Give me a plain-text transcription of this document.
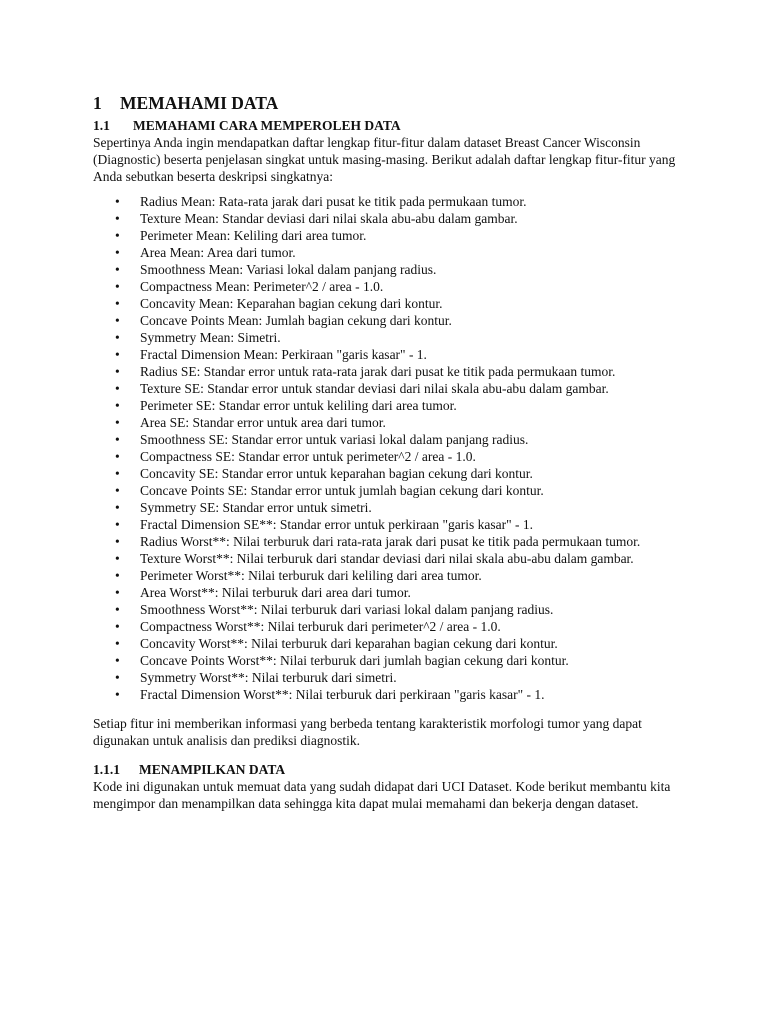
1	MEMAHAMI DATA
1.1	MEMAHAMI CARA MEMPEROLEH DATA

Sepertinya Anda ingin mendapatkan daftar lengkap fitur-fitur dalam dataset Breast Cancer Wisconsin (Diagnostic) beserta penjelasan singkat untuk masing-masing. Berikut adalah daftar lengkap fitur-fitur yang Anda sebutkan beserta deskripsi singkatnya:

• Radius Mean: Rata-rata jarak dari pusat ke titik pada permukaan tumor.
• Texture Mean: Standar deviasi dari nilai skala abu-abu dalam gambar.
• Perimeter Mean: Keliling dari area tumor.
• Area Mean: Area dari tumor.
• Smoothness Mean: Variasi lokal dalam panjang radius.
• Compactness Mean: Perimeter^2 / area - 1.0.
• Concavity Mean: Keparahan bagian cekung dari kontur.
• Concave Points Mean: Jumlah bagian cekung dari kontur.
• Symmetry Mean: Simetri.
• Fractal Dimension Mean: Perkiraan "garis kasar" - 1.
• Radius SE: Standar error untuk rata-rata jarak dari pusat ke titik pada permukaan tumor.
• Texture SE: Standar error untuk standar deviasi dari nilai skala abu-abu dalam gambar.
• Perimeter SE: Standar error untuk keliling dari area tumor.
• Area SE: Standar error untuk area dari tumor.
• Smoothness SE: Standar error untuk variasi lokal dalam panjang radius.
• Compactness SE: Standar error untuk perimeter^2 / area - 1.0.
• Concavity SE: Standar error untuk keparahan bagian cekung dari kontur.
• Concave Points SE: Standar error untuk jumlah bagian cekung dari kontur.
• Symmetry SE: Standar error untuk simetri.
• Fractal Dimension SE**: Standar error untuk perkiraan "garis kasar" - 1.
• Radius Worst**: Nilai terburuk dari rata-rata jarak dari pusat ke titik pada permukaan tumor.
• Texture Worst**: Nilai terburuk dari standar deviasi dari nilai skala abu-abu dalam gambar.
• Perimeter Worst**: Nilai terburuk dari keliling dari area tumor.
• Area Worst**: Nilai terburuk dari area dari tumor.
• Smoothness Worst**: Nilai terburuk dari variasi lokal dalam panjang radius.
• Compactness Worst**: Nilai terburuk dari perimeter^2 / area - 1.0.
• Concavity Worst**: Nilai terburuk dari keparahan bagian cekung dari kontur.
• Concave Points Worst**: Nilai terburuk dari jumlah bagian cekung dari kontur.
• Symmetry Worst**: Nilai terburuk dari simetri.
• Fractal Dimension Worst**: Nilai terburuk dari perkiraan "garis kasar" - 1.

Setiap fitur ini memberikan informasi yang berbeda tentang karakteristik morfologi tumor yang dapat digunakan untuk analisis dan prediksi diagnostik.

1.1.1	MENAMPILKAN DATA

Kode ini digunakan untuk memuat data yang sudah didapat dari UCI Dataset. Kode berikut membantu kita mengimpor dan menampilkan data sehingga kita dapat mulai memahami dan bekerja dengan dataset.
